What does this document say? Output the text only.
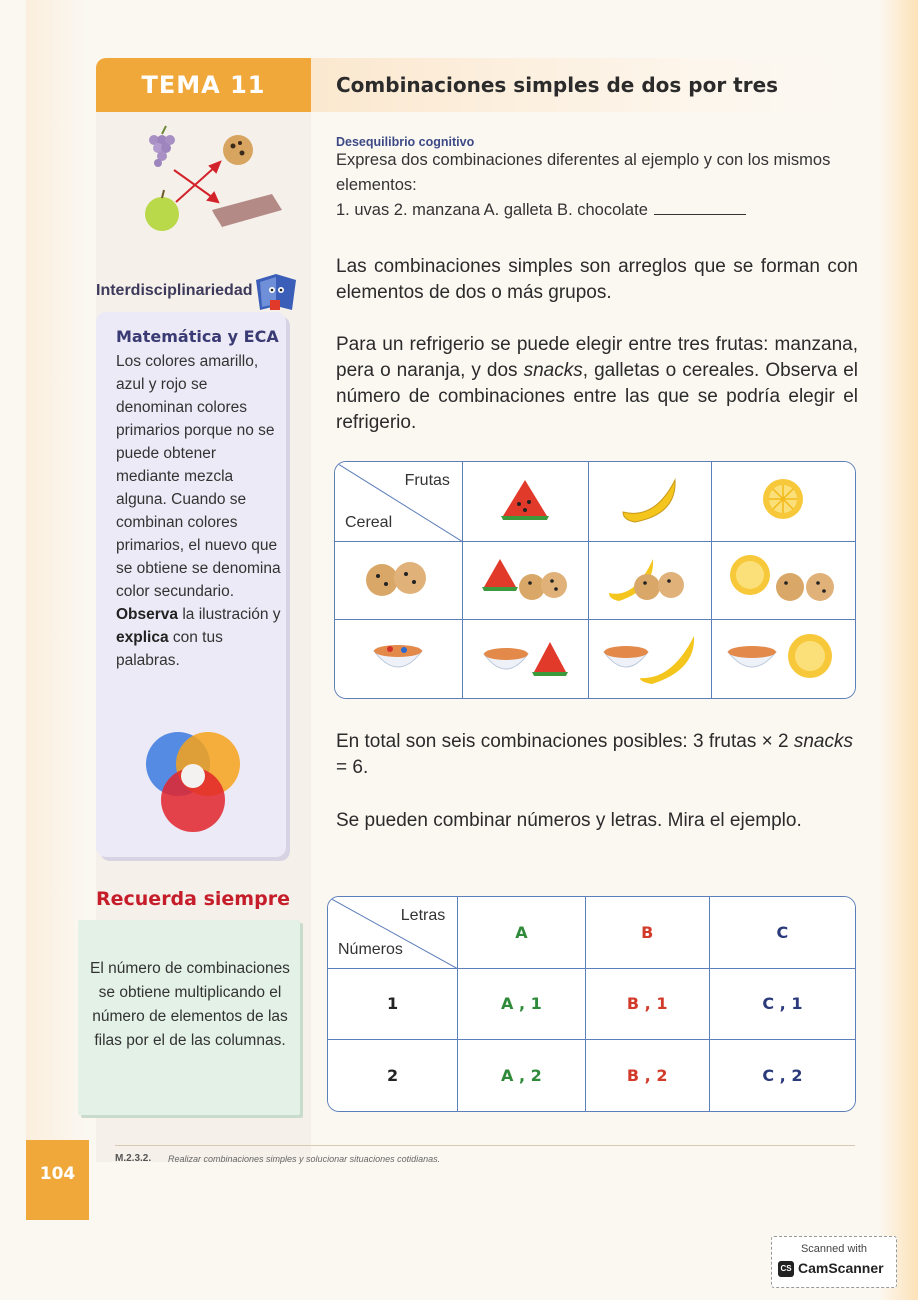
TEMA 11	Combinaciones simples de dos por tres
Interdisciplinariedad
Matemática y ECA
Los colores amarillo, azul y rojo se denominan colores primarios porque no se puede obtener mediante mezcla alguna. Cuando se combinan colores primarios, el nuevo que se obtiene se denomina color secundario. Observa la ilustración y explica con tus palabras.
Recuerda siempre
El número de combinaciones se obtiene multiplicando el número de elementos de las filas por el de las columnas.
Desequilibrio cognitivo
Expresa dos combinaciones diferentes al ejemplo y con los mismos elementos:
1. uvas 2. manzana A. galleta B. chocolate
Las combinaciones simples son arreglos que se forman con elementos de dos o más grupos.
Para un refrigerio se puede elegir entre tres frutas: manzana, pera o naranja, y dos snacks, galletas o cereales. Observa el número de combinaciones entre las que se podría elegir el refrigerio.
Frutas
Cereal

En total son seis combinaciones posibles: 3 frutas × 2 snacks = 6.
Se pueden combinar números y letras. Mira el ejemplo.
Letras
Números	A	B	C
1	A , 1	B , 1	C , 1
2	A , 2	B , 2	C , 2
M.2.3.2. Realizar combinaciones simples y solucionar situaciones cotidianas.
104
Scanned with
CS CamScanner
